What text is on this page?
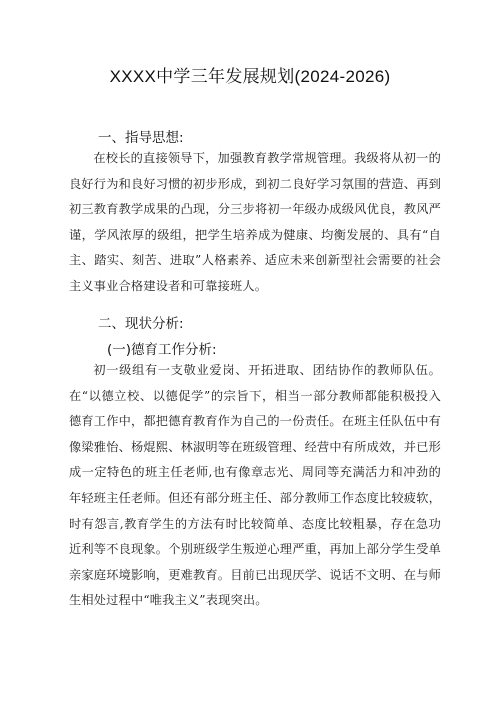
XXXX中学三年发展规划(2024-2026)
一、指导思想:

在校长的直接领导下，加强教育教学常规管理。我级将从初一的良好行为和良好习惯的初步形成，到初二良好学习氛围的营造、再到初三教育教学成果的凸现，分三步将初一年级办成级风优良，教风严谨，学风浓厚的级组，把学生培养成为健康、均衡发展的、具有“自主、踏实、刻苦、进取”人格素养、适应未来创新型社会需要的社会主义事业合格建设者和可靠接班人。

二、现状分析:
(一)德育工作分析:

初一级组有一支敬业爱岗、开拓进取、团结协作的教师队伍。在“以德立校、以德促学”的宗旨下，相当一部分教师都能积极投入德育工作中，都把德育教育作为自己的一份责任。在班主任队伍中有像梁雅怡、杨焜熙、林淑明等在班级管理、经营中有所成效，并已形成一定特色的班主任老师,也有像章志光、周同等充满活力和冲劲的年轻班主任老师。但还有部分班主任、部分教师工作态度比较疲软，时有怨言,教育学生的方法有时比较简单、态度比较粗暴，存在急功近利等不良现象。个别班级学生叛逆心理严重，再加上部分学生受单亲家庭环境影响，更难教育。目前已出现厌学、说话不文明、在与师生相处过程中“唯我主义”表现突出。
